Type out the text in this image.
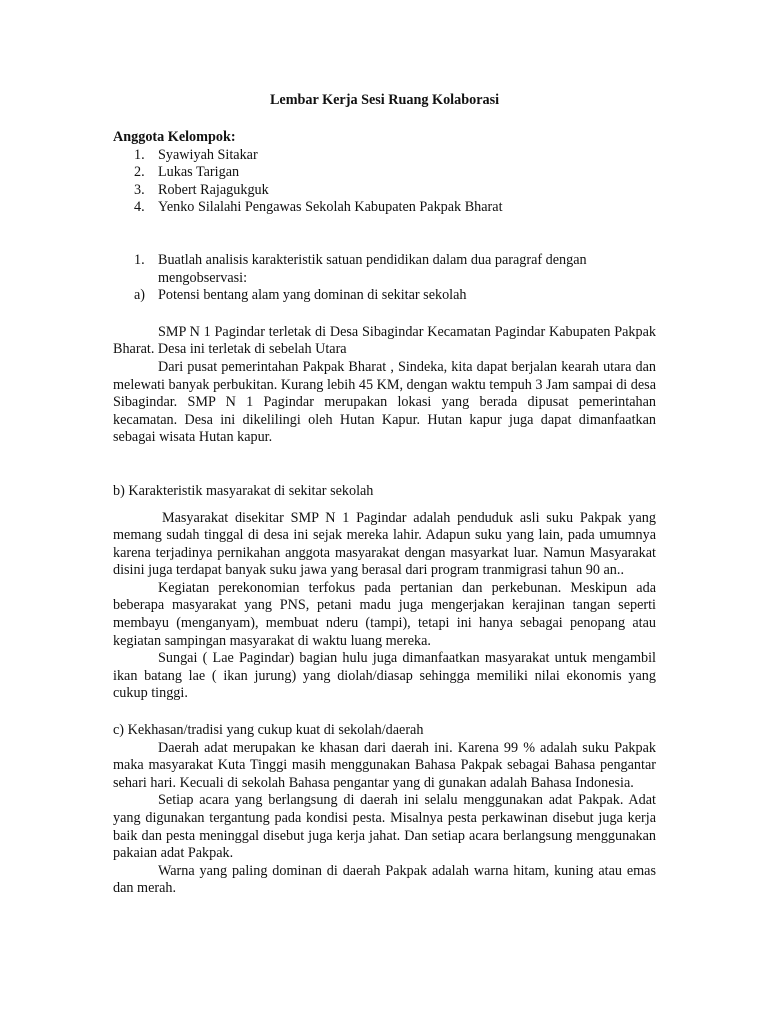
Lembar Kerja Sesi Ruang Kolaborasi
Anggota Kelompok:
1. Syawiyah Sitakar
2. Lukas Tarigan
3. Robert Rajagukguk
4. Yenko Silalahi Pengawas Sekolah Kabupaten Pakpak Bharat
1. Buatlah analisis karakteristik satuan pendidikan dalam dua paragraf dengan mengobservasi:
a) Potensi bentang alam yang dominan di sekitar sekolah

SMP N 1 Pagindar terletak di Desa Sibagindar Kecamatan Pagindar Kabupaten Pakpak Bharat. Desa ini terletak di sebelah Utara

Dari pusat pemerintahan Pakpak Bharat , Sindeka, kita dapat berjalan kearah utara dan melewati banyak perbukitan. Kurang lebih 45 KM, dengan waktu tempuh 3 Jam sampai di desa Sibagindar. SMP N 1 Pagindar merupakan lokasi yang berada dipusat pemerintahan kecamatan. Desa ini dikelilingi oleh Hutan Kapur. Hutan kapur juga dapat dimanfaatkan sebagai wisata Hutan kapur.

b) Karakteristik masyarakat di sekitar sekolah

Masyarakat disekitar SMP N 1 Pagindar adalah penduduk asli suku Pakpak yang memang sudah tinggal di desa ini sejak mereka lahir. Adapun suku yang lain, pada umumnya karena terjadinya pernikahan anggota masyarakat dengan masyarkat luar. Namun Masyarakat disini juga terdapat banyak suku jawa yang berasal dari program tranmigrasi tahun 90 an..

Kegiatan perekonomian terfokus pada pertanian dan perkebunan. Meskipun ada beberapa masyarakat yang PNS, petani madu juga mengerjakan kerajinan tangan seperti membayu (menganyam), membuat nderu (tampi), tetapi ini hanya sebagai penopang atau kegiatan sampingan masyarakat di waktu luang mereka.

Sungai ( Lae Pagindar) bagian hulu juga dimanfaatkan masyarakat untuk mengambil ikan batang lae ( ikan jurung) yang diolah/diasap sehingga memiliki nilai ekonomis yang cukup tinggi.

c) Kekhasan/tradisi yang cukup kuat di sekolah/daerah

Daerah adat merupakan ke khasan dari daerah ini. Karena 99 % adalah suku Pakpak maka masyarakat Kuta Tinggi masih menggunakan Bahasa Pakpak sebagai Bahasa pengantar sehari hari. Kecuali di sekolah Bahasa pengantar yang di gunakan adalah Bahasa Indonesia.

Setiap acara yang berlangsung di daerah ini selalu menggunakan adat Pakpak. Adat yang digunakan tergantung pada kondisi pesta. Misalnya pesta perkawinan disebut juga kerja baik dan pesta meninggal disebut juga kerja jahat. Dan setiap acara berlangsung menggunakan pakaian adat Pakpak.

Warna yang paling dominan di daerah Pakpak adalah warna hitam, kuning atau emas dan merah.
